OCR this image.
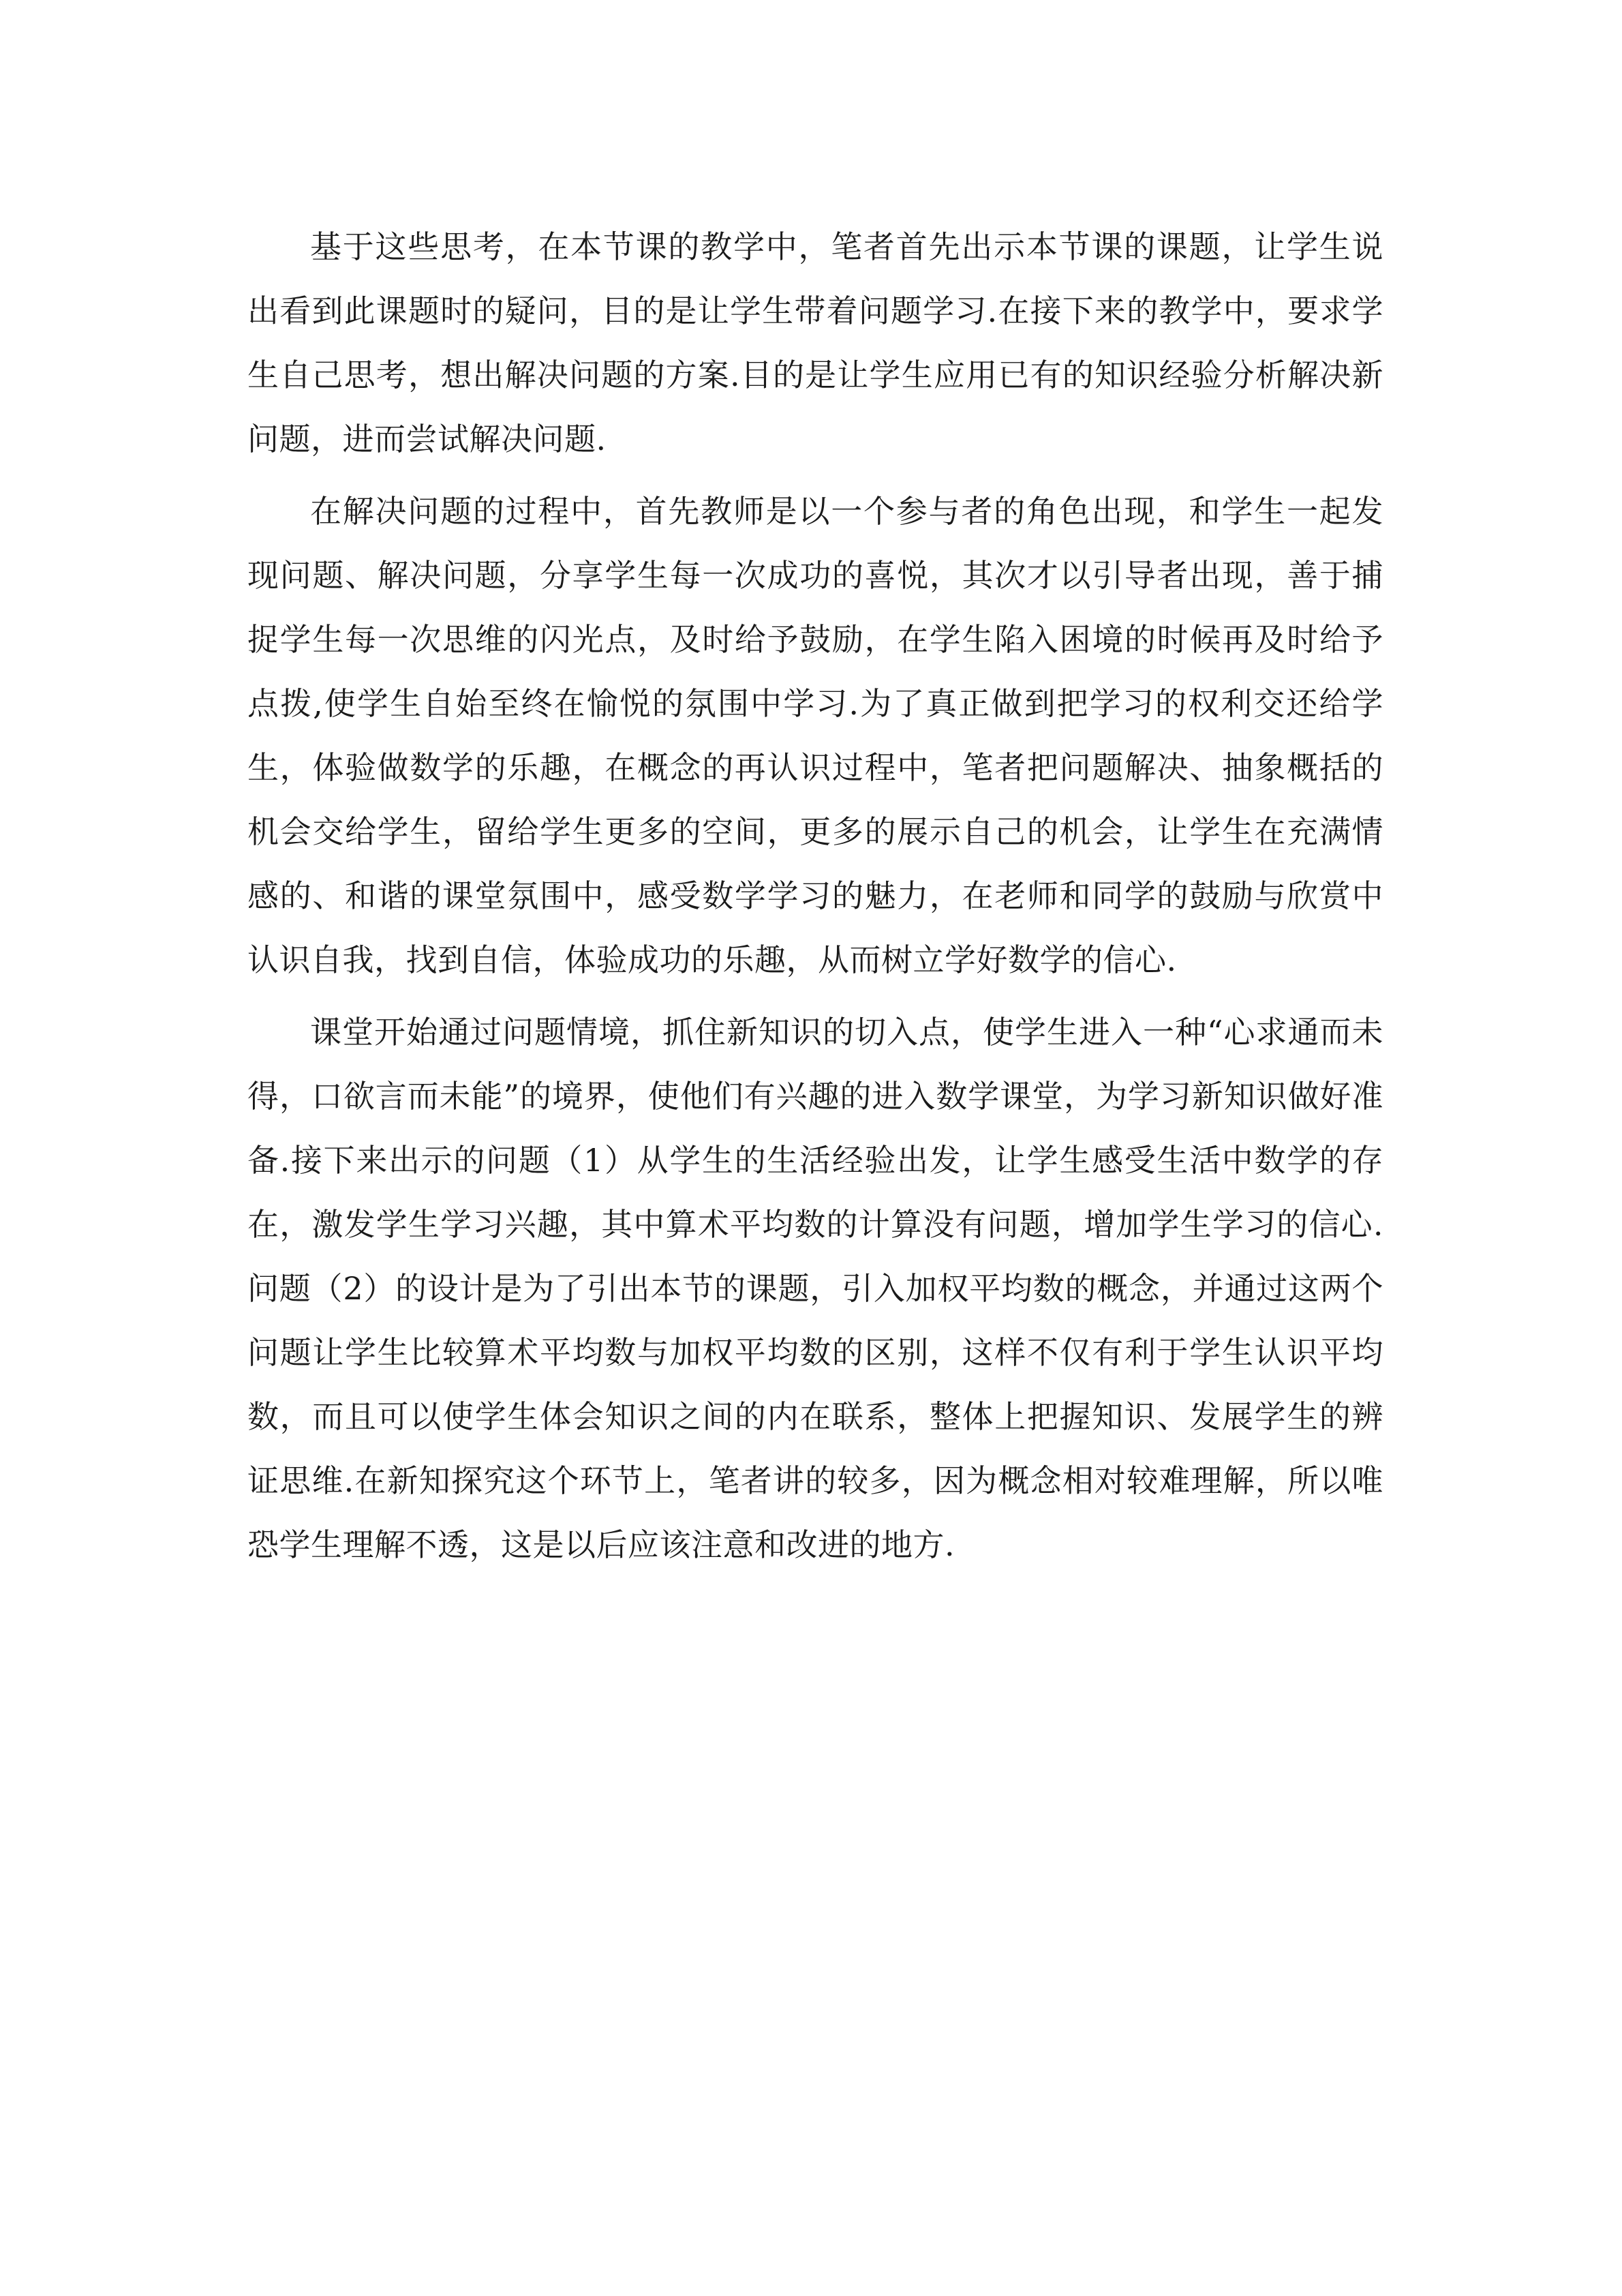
基于这些思考，在本节课的教学中，笔者首先出示本节课的课题，让学生说出看到此课题时的疑问，目的是让学生带着问题学习.在接下来的教学中，要求学生自己思考，想出解决问题的方案.目的是让学生应用已有的知识经验分析解决新问题，进而尝试解决问题.

在解决问题的过程中，首先教师是以一个参与者的角色出现，和学生一起发现问题、解决问题，分享学生每一次成功的喜悦，其次才以引导者出现，善于捕捉学生每一次思维的闪光点，及时给予鼓励，在学生陷入困境的时候再及时给予点拨,使学生自始至终在愉悦的氛围中学习.为了真正做到把学习的权利交还给学生，体验做数学的乐趣，在概念的再认识过程中，笔者把问题解决、抽象概括的机会交给学生，留给学生更多的空间，更多的展示自己的机会，让学生在充满情感的、和谐的课堂氛围中，感受数学学习的魅力，在老师和同学的鼓励与欣赏中认识自我，找到自信，体验成功的乐趣，从而树立学好数学的信心.

课堂开始通过问题情境，抓住新知识的切入点，使学生进入一种“心求通而未得，口欲言而未能”的境界，使他们有兴趣的进入数学课堂，为学习新知识做好准备.接下来出示的问题（1）从学生的生活经验出发，让学生感受生活中数学的存在，激发学生学习兴趣，其中算术平均数的计算没有问题，增加学生学习的信心.问题（2）的设计是为了引出本节的课题，引入加权平均数的概念，并通过这两个问题让学生比较算术平均数与加权平均数的区别，这样不仅有利于学生认识平均数，而且可以使学生体会知识之间的内在联系，整体上把握知识、发展学生的辨证思维.在新知探究这个环节上，笔者讲的较多，因为概念相对较难理解，所以唯恐学生理解不透，这是以后应该注意和改进的地方.
